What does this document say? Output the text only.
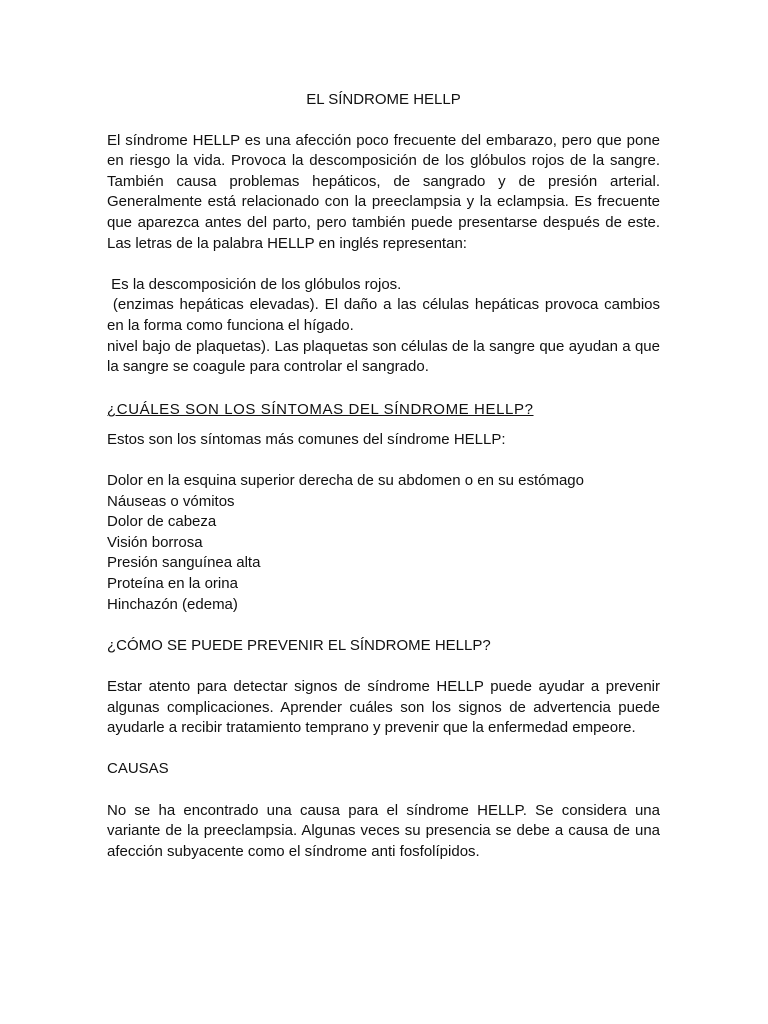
EL SÍNDROME HELLP
El síndrome HELLP es una afección poco frecuente del embarazo, pero que pone en riesgo la vida. Provoca la descomposición de los glóbulos rojos de la sangre. También causa problemas hepáticos, de sangrado y de presión arterial. Generalmente está relacionado con la preeclampsia y la eclampsia. Es frecuente que aparezca antes del parto, pero también puede presentarse después de este. Las letras de la palabra HELLP en inglés representan:
Es la descomposición de los glóbulos rojos.
(enzimas hepáticas elevadas). El daño a las células hepáticas provoca cambios en la forma como funciona el hígado.
nivel bajo de plaquetas). Las plaquetas son células de la sangre que ayudan a que la sangre se coagule para controlar el sangrado.
¿CUÁLES SON LOS SÍNTOMAS DEL SÍNDROME HELLP?
Estos son los síntomas más comunes del síndrome HELLP:
Dolor en la esquina superior derecha de su abdomen o en su estómago
Náuseas o vómitos
Dolor de cabeza
Visión borrosa
Presión sanguínea alta
Proteína en la orina
Hinchazón (edema)
¿CÓMO SE PUEDE PREVENIR EL SÍNDROME HELLP?
Estar atento para detectar signos de síndrome HELLP puede ayudar a prevenir algunas complicaciones. Aprender cuáles son los signos de advertencia puede ayudarle a recibir tratamiento temprano y prevenir que la enfermedad empeore.
CAUSAS
No se ha encontrado una causa para el síndrome HELLP. Se considera una variante de la preeclampsia. Algunas veces su presencia se debe a causa de una afección subyacente como el síndrome anti fosfolípidos.
